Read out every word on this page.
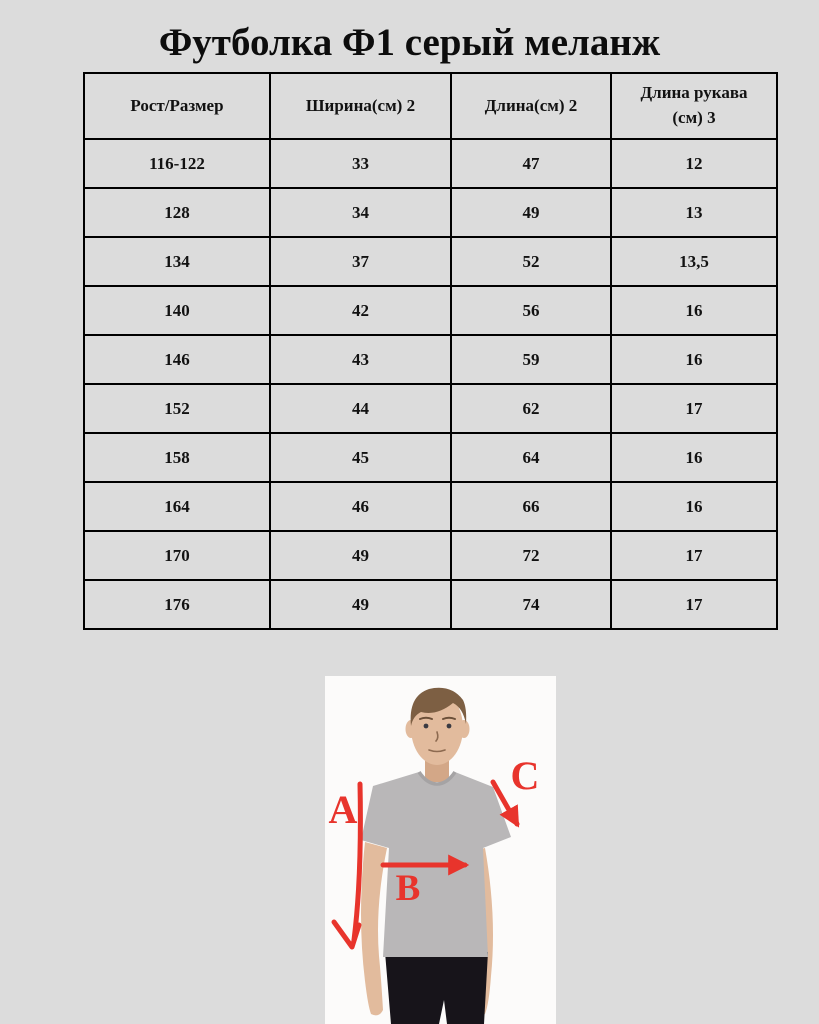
Футболка Ф1 серый меланж
Рост/Размер	Ширина(см) 2	Длина(см) 2	Длина рукава (см) 3
116-122	33	47	12
128	34	49	13
134	37	52	13,5
140	42	56	16
146	43	59	16
152	44	62	17
158	45	64	16
164	46	66	16
170	49	72	17
176	49	74	17
A
B
C
